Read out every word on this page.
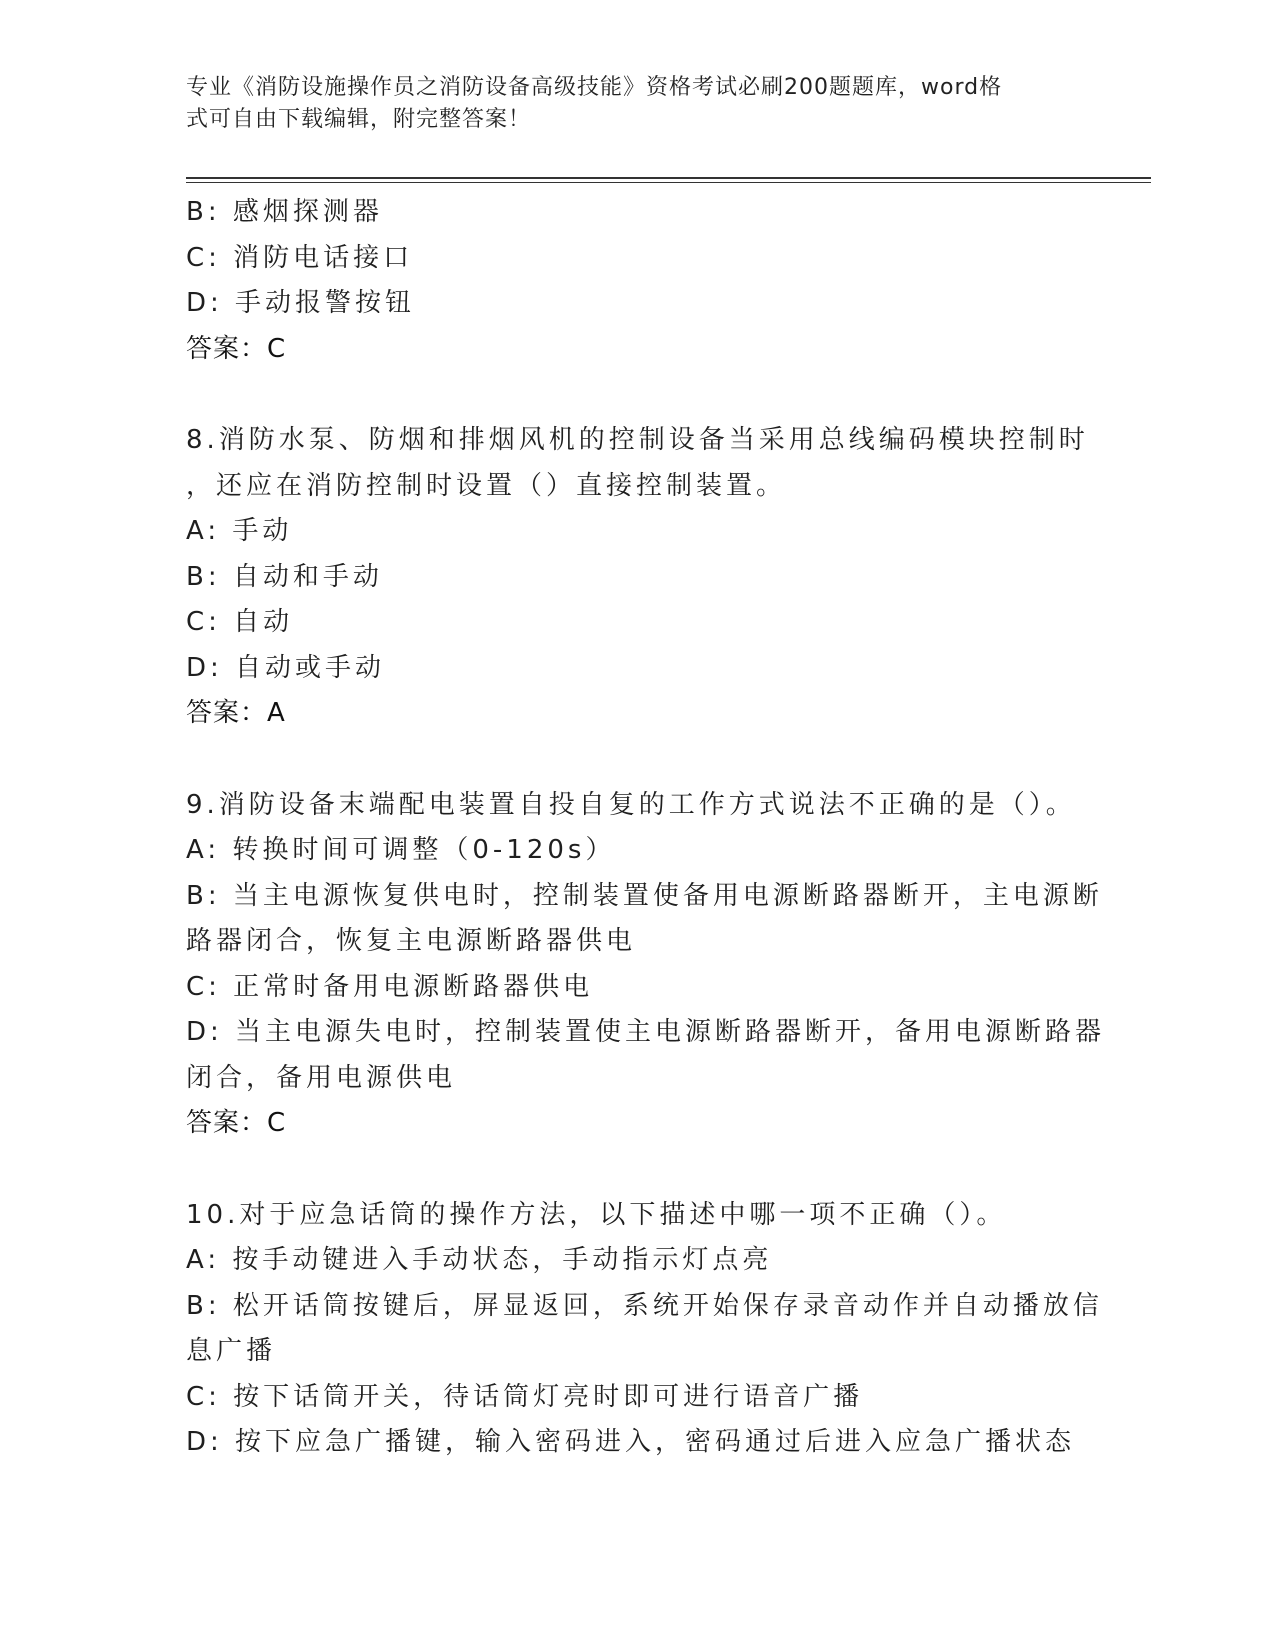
专业《消防设施操作员之消防设备高级技能》资格考试必刷200题题库，word格
式可自由下载编辑，附完整答案！
B: 感烟探测器
C: 消防电话接口
D: 手动报警按钮
答案：C
8.消防水泵、防烟和排烟风机的控制设备当采用总线编码模块控制时
，还应在消防控制时设置（）直接控制装置。
A: 手动
B: 自动和手动
C: 自动
D: 自动或手动
答案：A
9.消防设备末端配电装置自投自复的工作方式说法不正确的是（）。
A: 转换时间可调整（0-120s）
B: 当主电源恢复供电时，控制装置使备用电源断路器断开，主电源断
路器闭合，恢复主电源断路器供电
C: 正常时备用电源断路器供电
D: 当主电源失电时，控制装置使主电源断路器断开，备用电源断路器
闭合，备用电源供电
答案：C
10.对于应急话筒的操作方法，以下描述中哪一项不正确（）。
A: 按手动键进入手动状态，手动指示灯点亮
B: 松开话筒按键后，屏显返回，系统开始保存录音动作并自动播放信
息广播
C: 按下话筒开关，待话筒灯亮时即可进行语音广播
D: 按下应急广播键，输入密码进入，密码通过后进入应急广播状态
